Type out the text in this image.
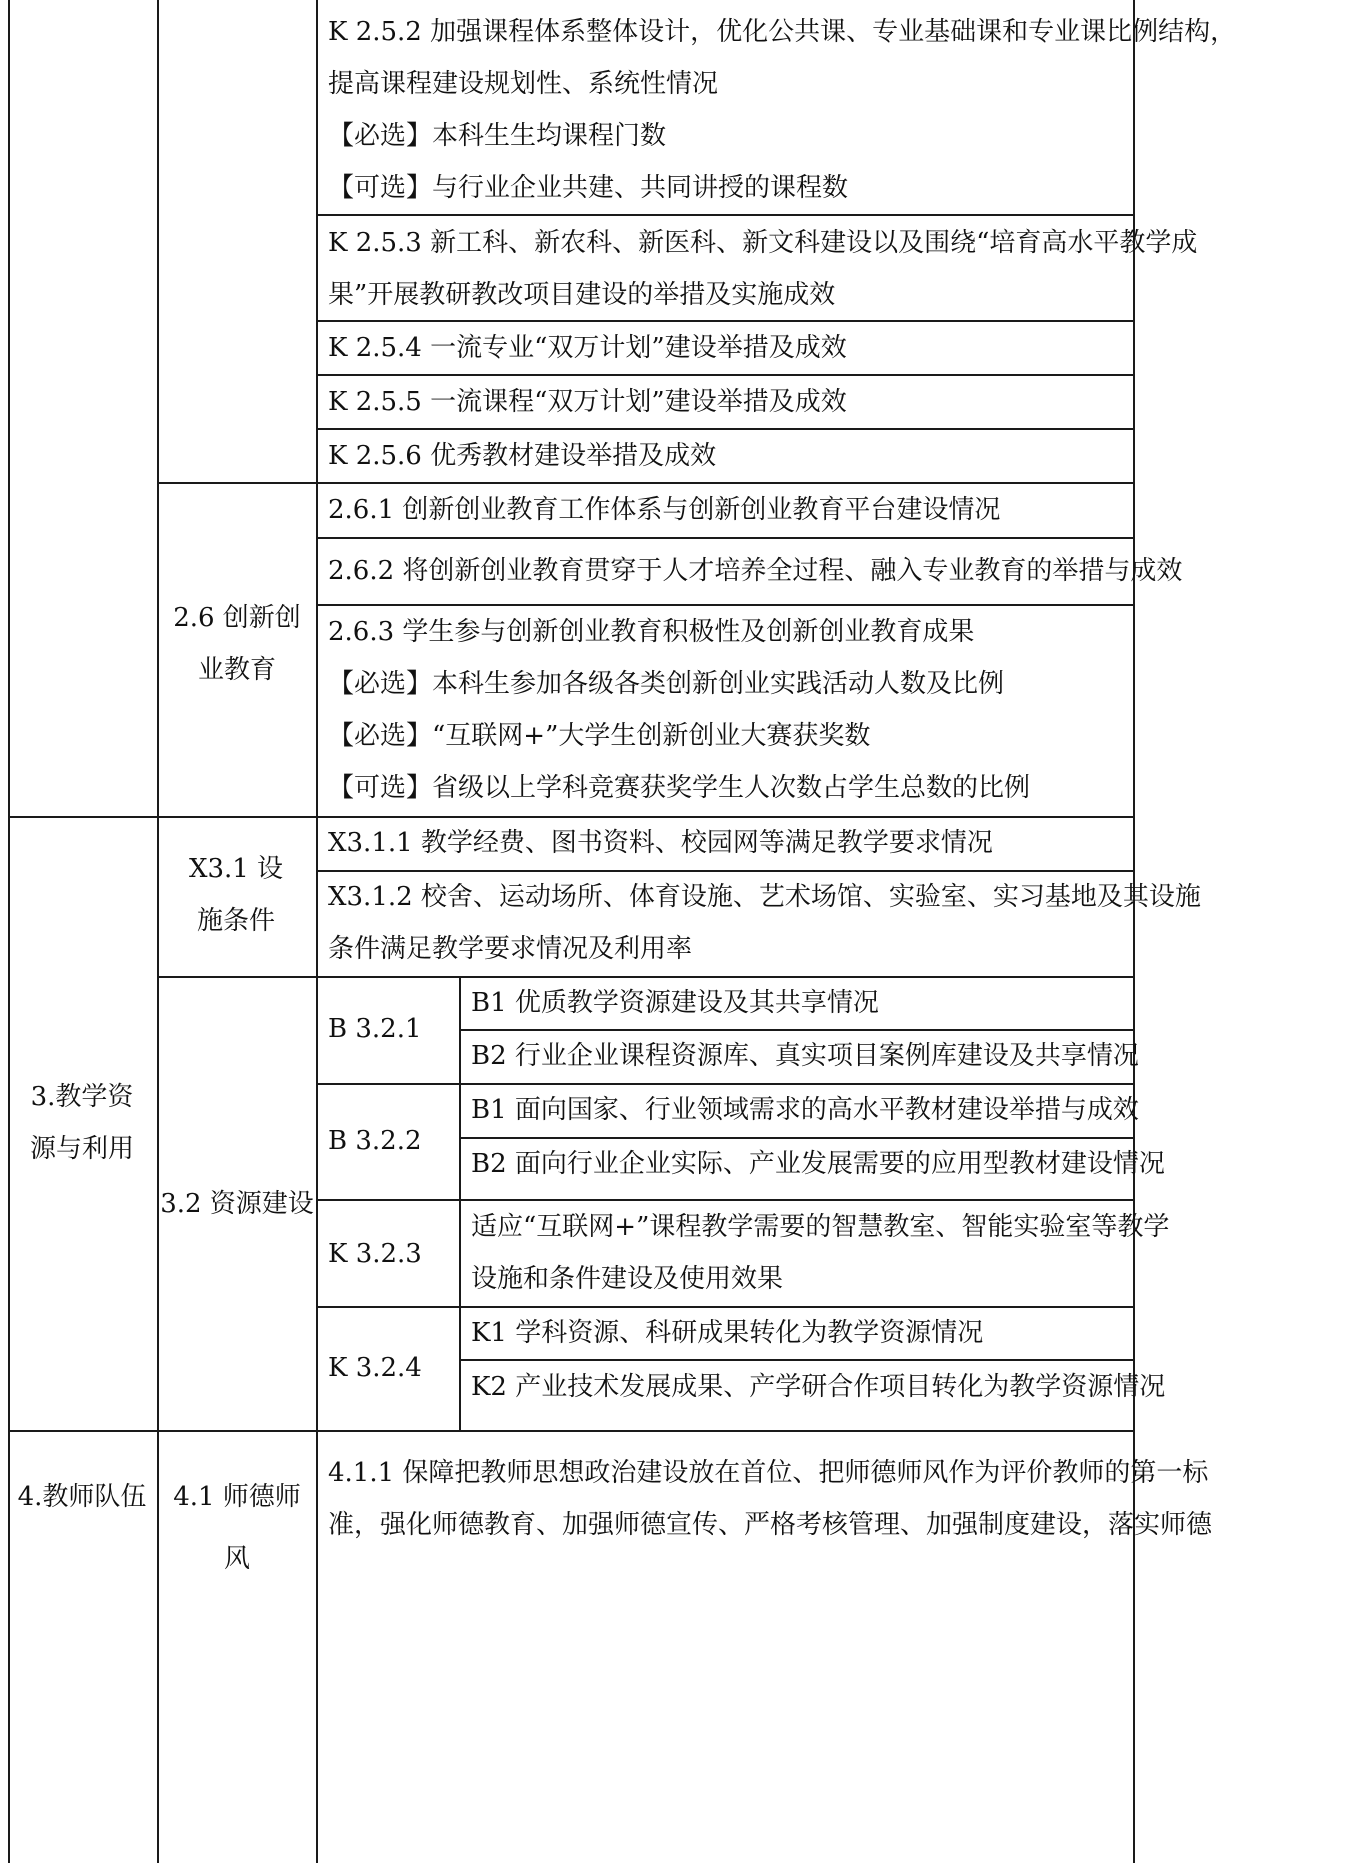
K 2.5.2 加强课程体系整体设计，优化公共课、专业基础课和专业课比例结构，
提高课程建设规划性、系统性情况
【必选】本科生生均课程门数
【可选】与行业企业共建、共同讲授的课程数
K 2.5.3 新工科、新农科、新医科、新文科建设以及围绕“培育高水平教学成
果”开展教研教改项目建设的举措及实施成效
K 2.5.4 一流专业“双万计划”建设举措及成效
K 2.5.5 一流课程“双万计划”建设举措及成效
K 2.5.6 优秀教材建设举措及成效
2.6 创新创业教育
2.6.1 创新创业教育工作体系与创新创业教育平台建设情况
2.6.2 将创新创业教育贯穿于人才培养全过程、融入专业教育的举措与成效
2.6.3 学生参与创新创业教育积极性及创新创业教育成果
【必选】本科生参加各级各类创新创业实践活动人数及比例
【必选】“互联网+”大学生创新创业大赛获奖数
【可选】省级以上学科竞赛获奖学生人次数占学生总数的比例
3.教学资源与利用
X3.1 设施条件
X3.1.1 教学经费、图书资料、校园网等满足教学要求情况
X3.1.2 校舍、运动场所、体育设施、艺术场馆、实验室、实习基地及其设施
条件满足教学要求情况及利用率
3.2 资源建设
B 3.2.1
B1 优质教学资源建设及其共享情况
B2 行业企业课程资源库、真实项目案例库建设及共享情况
B 3.2.2
B1 面向国家、行业领域需求的高水平教材建设举措与成效
B2 面向行业企业实际、产业发展需要的应用型教材建设情况
K 3.2.3
适应“互联网+”课程教学需要的智慧教室、智能实验室等教学
设施和条件建设及使用效果
K 3.2.4
K1 学科资源、科研成果转化为教学资源情况
K2 产业技术发展成果、产学研合作项目转化为教学资源情况
4.教师队伍	4.1 师德师风
4.1.1 保障把教师思想政治建设放在首位、把师德师风作为评价教师的第一标
准，强化师德教育、加强师德宣传、严格考核管理、加强制度建设，落实师德
